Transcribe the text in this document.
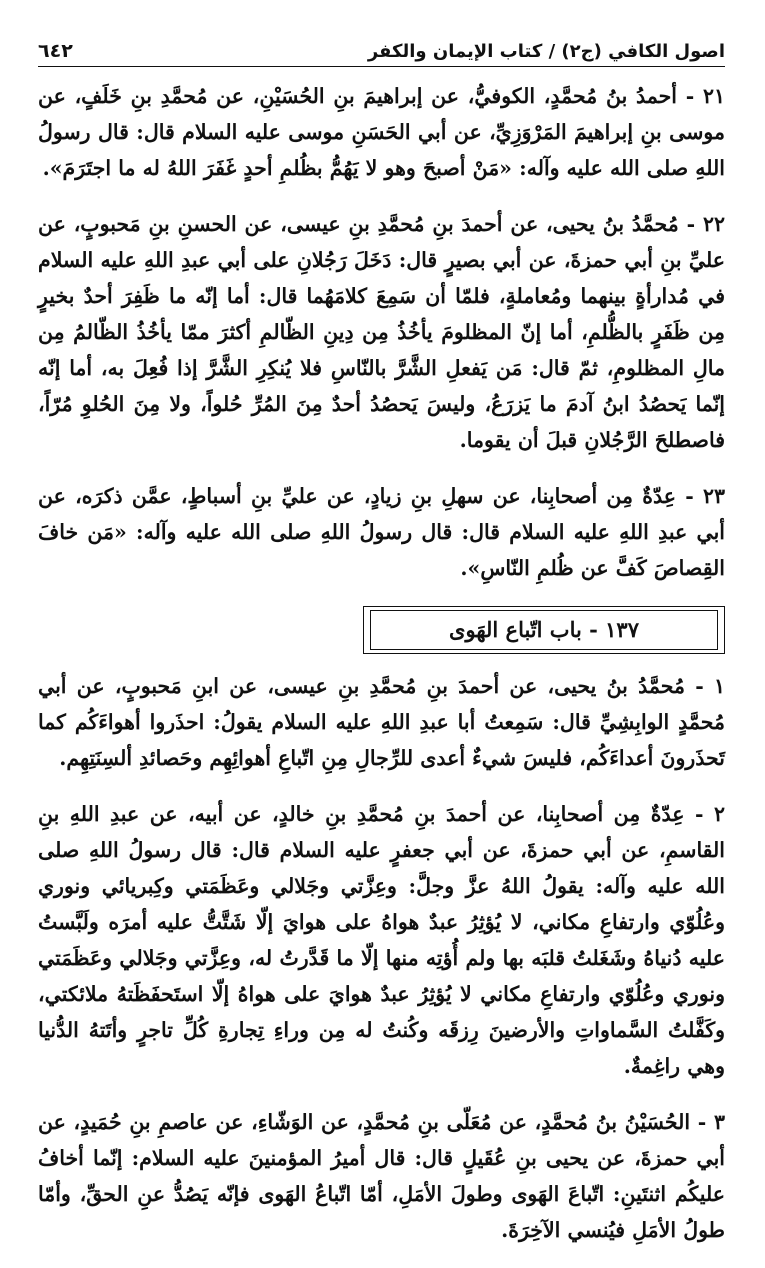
اصول الكافي (ج٢) / كتاب الإيمان والكفر
٦٤٢

٢١ - أحمدُ بنُ مُحمَّدٍ، الكوفيُّ، عن إبراهيمَ بنِ الحُسَيْنِ، عن مُحمَّدِ بنِ خَلَفٍ، عن موسى بنِ إبراهيمَ المَرْوَزِيِّ، عن أبي الحَسَنِ موسى عليه السلام قال: قال رسولُ اللهِ صلى الله عليه وآله: «مَنْ أصبحَ وهو لا يَهُمُّ بظُلمِ أحدٍ غَفَرَ اللهُ له ما اجتَرَمَ».

٢٢ - مُحمَّدُ بنُ يحيى، عن أحمدَ بنِ مُحمَّدِ بنِ عيسى، عن الحسنِ بنِ مَحبوبٍ، عن عليِّ بنِ أبي حمزةَ، عن أبي بصيرٍ قال: دَخَلَ رَجُلانِ على أبي عبدِ اللهِ عليه السلام في مُدارأةٍ بينهما ومُعاملةٍ، فلمّا أن سَمِعَ كلامَهُما قال: أما إنّه ما ظَفِرَ أحدٌ بخيرٍ مِن ظَفَرٍ بالظُّلمِ، أما إنّ المظلومَ يأخُذُ مِن دِينِ الظّالمِ أكثرَ ممّا يأخُذُ الظّالمُ مِن مالِ المظلومِ، ثمّ قال: مَن يَفعلِ الشَّرَّ بالنّاسِ فلا يُنكِرِ الشَّرَّ إذا فُعِلَ به، أما إنّه إنّما يَحصُدُ ابنُ آدمَ ما يَزرَعُ، وليسَ يَحصُدُ أحدٌ مِنَ المُرِّ حُلواً، ولا مِنَ الحُلوِ مُرّاً، فاصطلحَ الرَّجُلانِ قبلَ أن يقوما.

٢٣ - عِدّةٌ مِن أصحابِنا، عن سهلِ بنِ زيادٍ، عن عليِّ بنِ أسباطٍ، عمَّن ذكرَه، عن أبي عبدِ اللهِ عليه السلام قال: قال رسولُ اللهِ صلى الله عليه وآله: «مَن خافَ القِصاصَ كَفَّ عن ظُلمِ النّاسِ».

١٣٧ - باب اتّباع الهَوى

١ - مُحمَّدُ بنُ يحيى، عن أحمدَ بنِ مُحمَّدِ بنِ عيسى، عن ابنِ مَحبوبٍ، عن أبي مُحمَّدٍ الوابِشِيِّ قال: سَمِعتُ أبا عبدِ اللهِ عليه السلام يقولُ: احذَروا أهواءَكُم كما تَحذَرونَ أعداءَكُم، فليسَ شيءٌ أعدى للرِّجالِ مِنِ اتّباعِ أهوائِهِم وحَصائدِ ألسِنَتِهِم.

٢ - عِدّةٌ مِن أصحابِنا، عن أحمدَ بنِ مُحمَّدِ بنِ خالدٍ، عن أبيه، عن عبدِ اللهِ بنِ القاسمِ، عن أبي حمزةَ، عن أبي جعفرٍ عليه السلام قال: قال رسولُ اللهِ صلى الله عليه وآله: يقولُ اللهُ عزَّ وجلَّ: وعِزَّتي وجَلالي وعَظَمَتي وكِبريائي ونوري وعُلُوّي وارتفاعِ مكاني، لا يُؤثِرُ عبدٌ هواهُ على هوايَ إلّا شَتَّتُّ عليه أمرَه ولَبَّستُ عليه دُنياهُ وشَغَلتُ قلبَه بها ولم أُؤتِه منها إلّا ما قَدَّرتُ له، وعِزَّتي وجَلالي وعَظَمَتي ونوري وعُلُوّي وارتفاعِ مكاني لا يُؤثِرُ عبدٌ هوايَ على هواهُ إلّا استَحفَظَتهُ ملائكتي، وكَفَّلتُ السَّماواتِ والأرضينَ رِزقَه وكُنتُ له مِن وراءِ تِجارةِ كُلِّ تاجرٍ وأتَتهُ الدُّنيا وهي راغِمةٌ.

٣ - الحُسَيْنُ بنُ مُحمَّدٍ، عن مُعَلّى بنِ مُحمَّدٍ، عن الوَشّاءِ، عن عاصمِ بنِ حُمَيدٍ، عن أبي حمزةَ، عن يحيى بنِ عُقَيلٍ قال: قال أميرُ المؤمنينَ عليه السلام: إنّما أخافُ عليكُم اثنتَينِ: اتّباعَ الهَوى وطولَ الأمَلِ، أمّا اتّباعُ الهَوى فإنّه يَصُدُّ عنِ الحقِّ، وأمّا طولُ الأمَلِ فيُنسي الآخِرَةَ.
